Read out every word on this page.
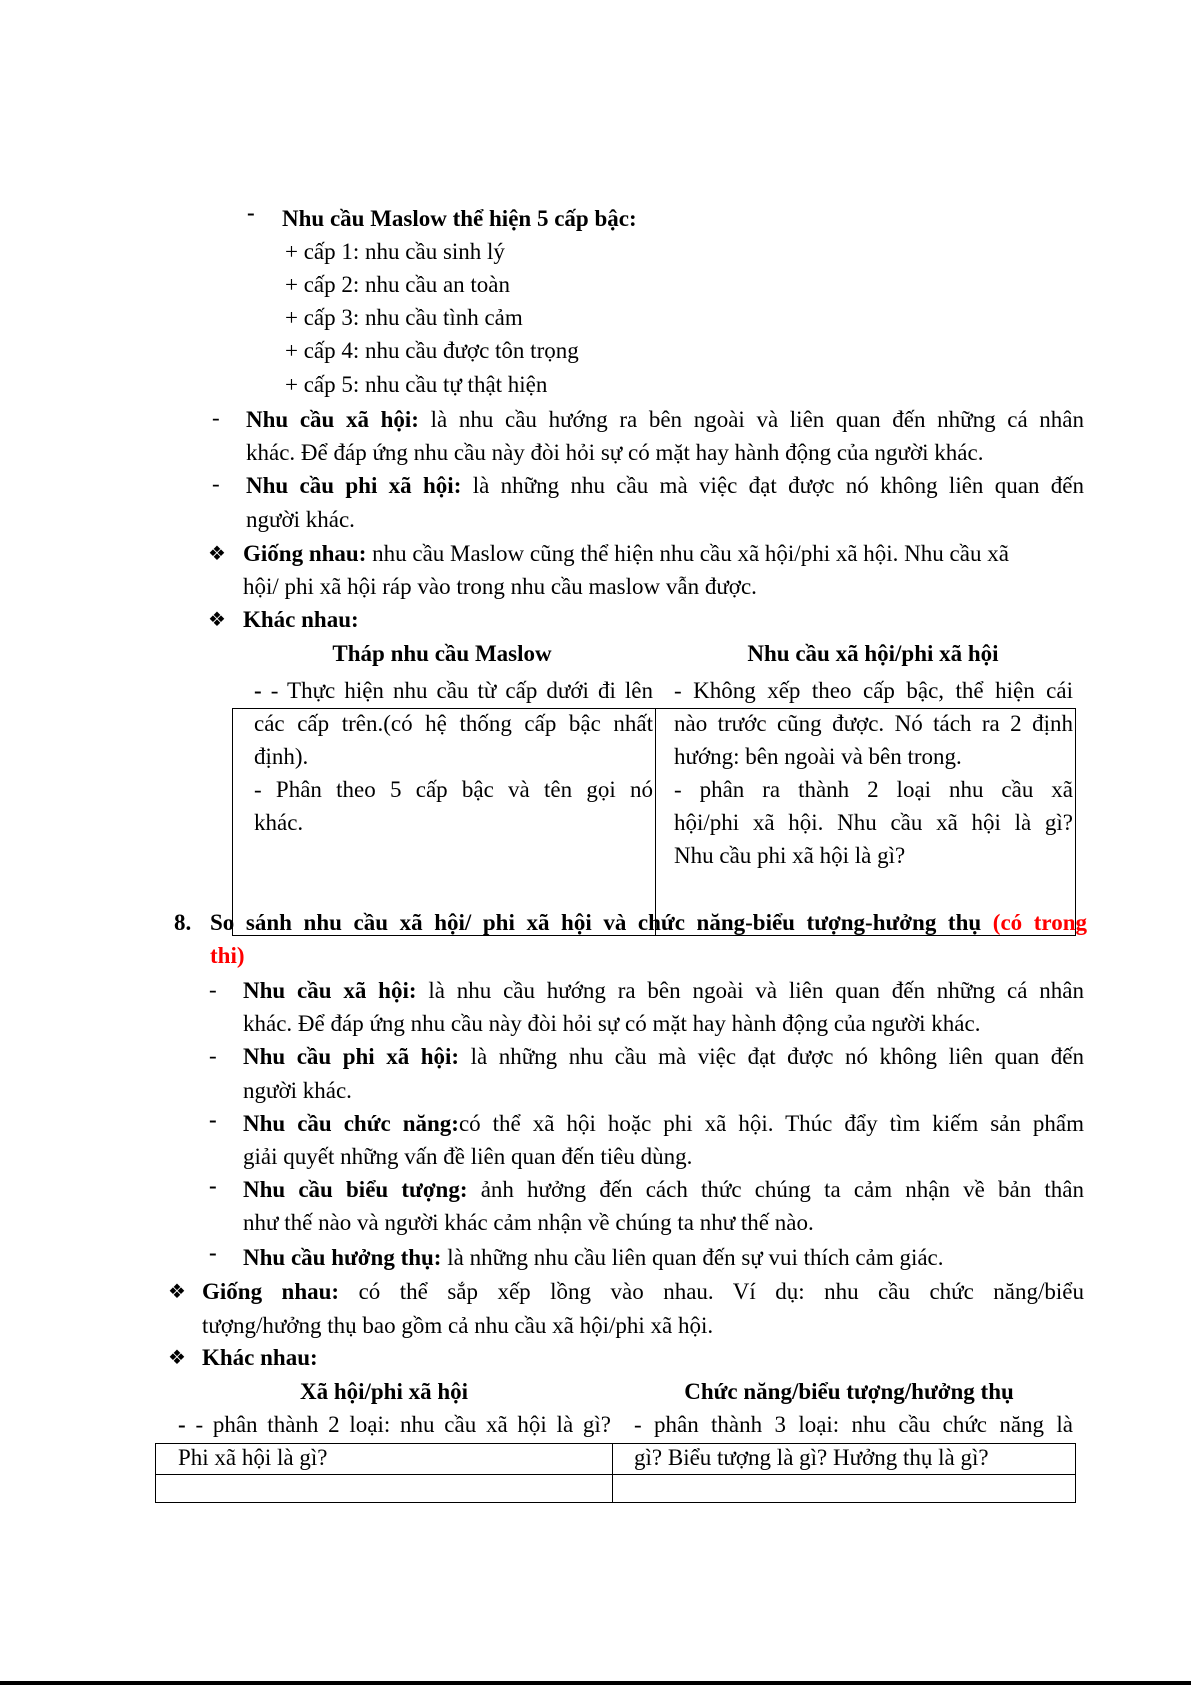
- Nhu cầu Maslow thể hiện 5 cấp bậc:
+ cấp 1: nhu cầu sinh lý
+ cấp 2: nhu cầu an toàn
+ cấp 3: nhu cầu tình cảm
+ cấp 4: nhu cầu được tôn trọng
+ cấp 5: nhu cầu tự thật hiện
- Nhu cầu xã hội: là nhu cầu hướng ra bên ngoài và liên quan đến những cá nhân
khác. Để đáp ứng nhu cầu này đòi hỏi sự có mặt hay hành động của người khác.
- Nhu cầu phi xã hội: là những nhu cầu mà việc đạt được nó không liên quan đến
người khác.
❖ Giống nhau: nhu cầu Maslow cũng thể hiện nhu cầu xã hội/phi xã hội. Nhu cầu xã
hội/ phi xã hội ráp vào trong nhu cầu maslow vẫn được.
❖ Khác nhau:
Tháp nhu cầu Maslow	Nhu cầu xã hội/phi xã hội
- - Thực hiện nhu cầu từ cấp dưới đi lên
các cấp trên.(có hệ thống cấp bậc nhất
định).
- Phân theo 5 cấp bậc và tên gọi nó
khác.
- Không xếp theo cấp bậc, thể hiện cái
nào trước cũng được. Nó tách ra 2 định
hướng: bên ngoài và bên trong.
- phân ra thành 2 loại nhu cầu xã
hội/phi xã hội. Nhu cầu xã hội là gì?
Nhu cầu phi xã hội là gì?
8. So sánh nhu cầu xã hội/ phi xã hội và chức năng-biểu tượng-hưởng thụ (có trong
thi)
- Nhu cầu xã hội: là nhu cầu hướng ra bên ngoài và liên quan đến những cá nhân
khác. Để đáp ứng nhu cầu này đòi hỏi sự có mặt hay hành động của người khác.
- Nhu cầu phi xã hội: là những nhu cầu mà việc đạt được nó không liên quan đến
người khác.
- Nhu cầu chức năng:có thể xã hội hoặc phi xã hội. Thúc đẩy tìm kiếm sản phẩm
giải quyết những vấn đề liên quan đến tiêu dùng.
- Nhu cầu biểu tượng: ảnh hưởng đến cách thức chúng ta cảm nhận về bản thân
như thế nào và người khác cảm nhận về chúng ta như thế nào.
- Nhu cầu hưởng thụ: là những nhu cầu liên quan đến sự vui thích cảm giác.
❖ Giống nhau: có thể sắp xếp lồng vào nhau. Ví dụ: nhu cầu chức năng/biểu
tượng/hưởng thụ bao gồm cả nhu cầu xã hội/phi xã hội.
❖ Khác nhau:
Xã hội/phi xã hội	Chức năng/biểu tượng/hưởng thụ
- - phân thành 2 loại: nhu cầu xã hội là gì?
Phi xã hội là gì?
- phân thành 3 loại: nhu cầu chức năng là
gì? Biểu tượng là gì? Hưởng thụ là gì?
